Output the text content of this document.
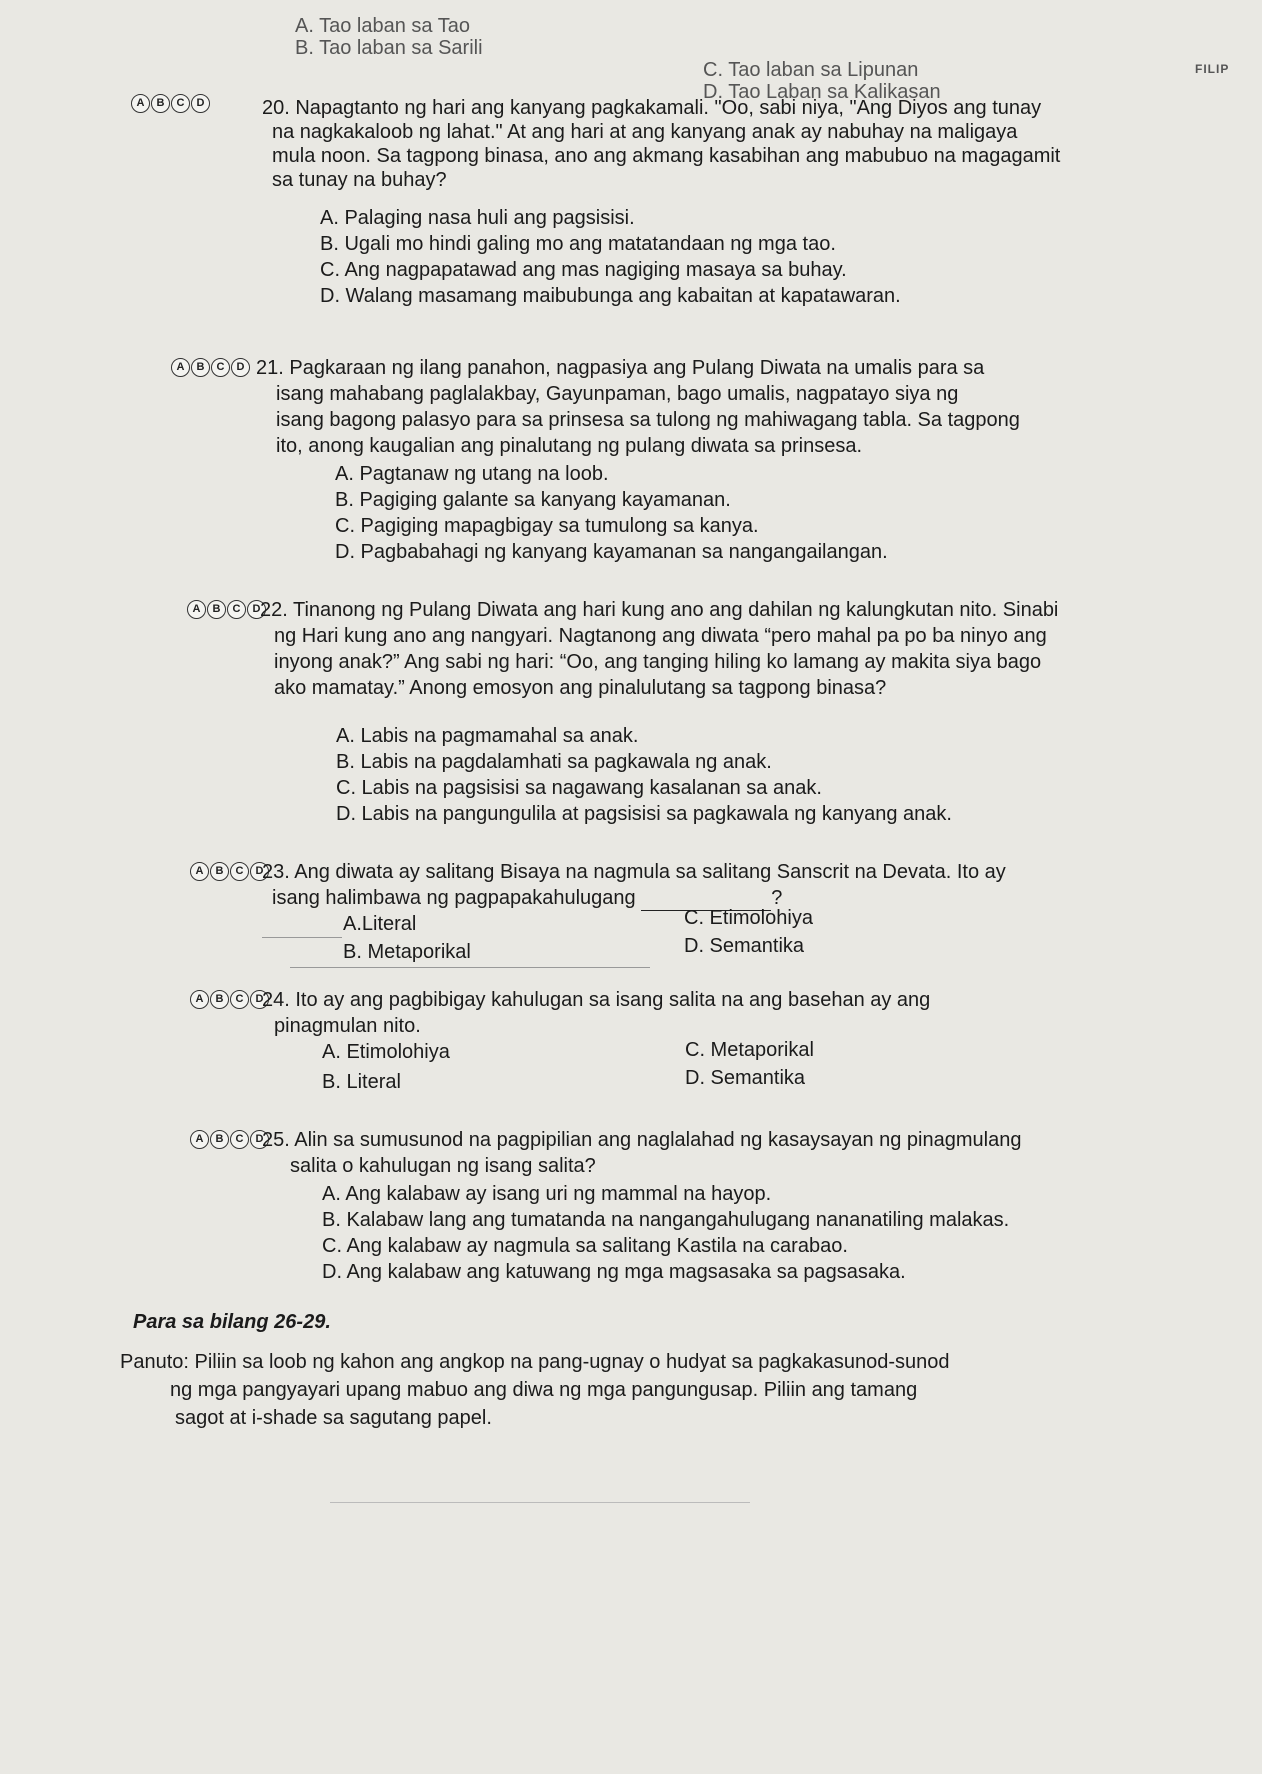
A. Tao laban sa Tao
B. Tao laban sa Sarili
C. Tao laban sa Lipunan
D. Tao Laban sa Kalikasan
FILIP
A	B	C	D	20. Napagtanto ng hari ang kanyang pagkakamali. "Oo, sabi niya, "Ang Diyos ang tunay
na nagkakaloob ng lahat." At ang hari at ang kanyang anak ay nabuhay na maligaya
mula noon. Sa tagpong binasa, ano ang akmang kasabihan ang mabubuo na magagamit
sa tunay na buhay?
A. Palaging nasa huli ang pagsisisi.
B. Ugali mo hindi galing mo ang matatandaan ng mga tao.
C. Ang nagpapatawad ang mas nagiging masaya sa buhay.
D. Walang masamang maibubunga ang kabaitan at kapatawaran.
A	B	C	D 21. Pagkaraan ng ilang panahon, nagpasiya ang Pulang Diwata na umalis para sa
isang mahabang paglalakbay, Gayunpaman, bago umalis, nagpatayo siya ng
isang bagong palasyo para sa prinsesa sa tulong ng mahiwagang tabla. Sa tagpong
ito, anong kaugalian ang pinalutang ng pulang diwata sa prinsesa.
A. Pagtanaw ng utang na loob.
B. Pagiging galante sa kanyang kayamanan.
C. Pagiging mapagbigay sa tumulong sa kanya.
D. Pagbabahagi ng kanyang kayamanan sa nangangailangan.
A	B	C	D 22. Tinanong ng Pulang Diwata ang hari kung ano ang dahilan ng kalungkutan nito. Sinabi
ng Hari kung ano ang nangyari. Nagtanong ang diwata “pero mahal pa po ba ninyo ang
inyong anak?” Ang sabi ng hari: “Oo, ang tanging hiling ko lamang ay makita siya bago
ako mamatay.” Anong emosyon ang pinalulutang sa tagpong binasa?
A. Labis na pagmamahal sa anak.
B. Labis na pagdalamhati sa pagkawala ng anak.
C. Labis na pagsisisi sa nagawang kasalanan sa anak.
D. Labis na pangungulila at pagsisisi sa pagkawala ng kanyang anak.
A	B	C	D
23. Ang diwata ay salitang Bisaya na nagmula sa salitang Sanscrit na Devata. Ito ay
isang halimbawa ng pagpapakahulugang	?
A.Literal	C. Etimolohiya
B. Metaporikal	D. Semantika
A	B	C	D
24. Ito ay ang pagbibigay kahulugan sa isang salita na ang basehan ay ang
pinagmulan nito.
A. Etimolohiya	C. Metaporikal
B. Literal	D. Semantika
A	B	C	D
25. Alin sa sumusunod na pagpipilian ang naglalahad ng kasaysayan ng pinagmulang
salita o kahulugan ng isang salita?
A. Ang kalabaw ay isang uri ng mammal na hayop.
B. Kalabaw lang ang tumatanda na nangangahulugang nananatiling malakas.
C. Ang kalabaw ay nagmula sa salitang Kastila na carabao.
D. Ang kalabaw ang katuwang ng mga magsasaka sa pagsasaka.
Para sa bilang 26-29.
Panuto: Piliin sa loob ng kahon ang angkop na pang-ugnay o hudyat sa pagkakasunod-sunod
ng mga pangyayari upang mabuo ang diwa ng mga pangungusap. Piliin ang tamang
sagot at i-shade sa sagutang papel.
